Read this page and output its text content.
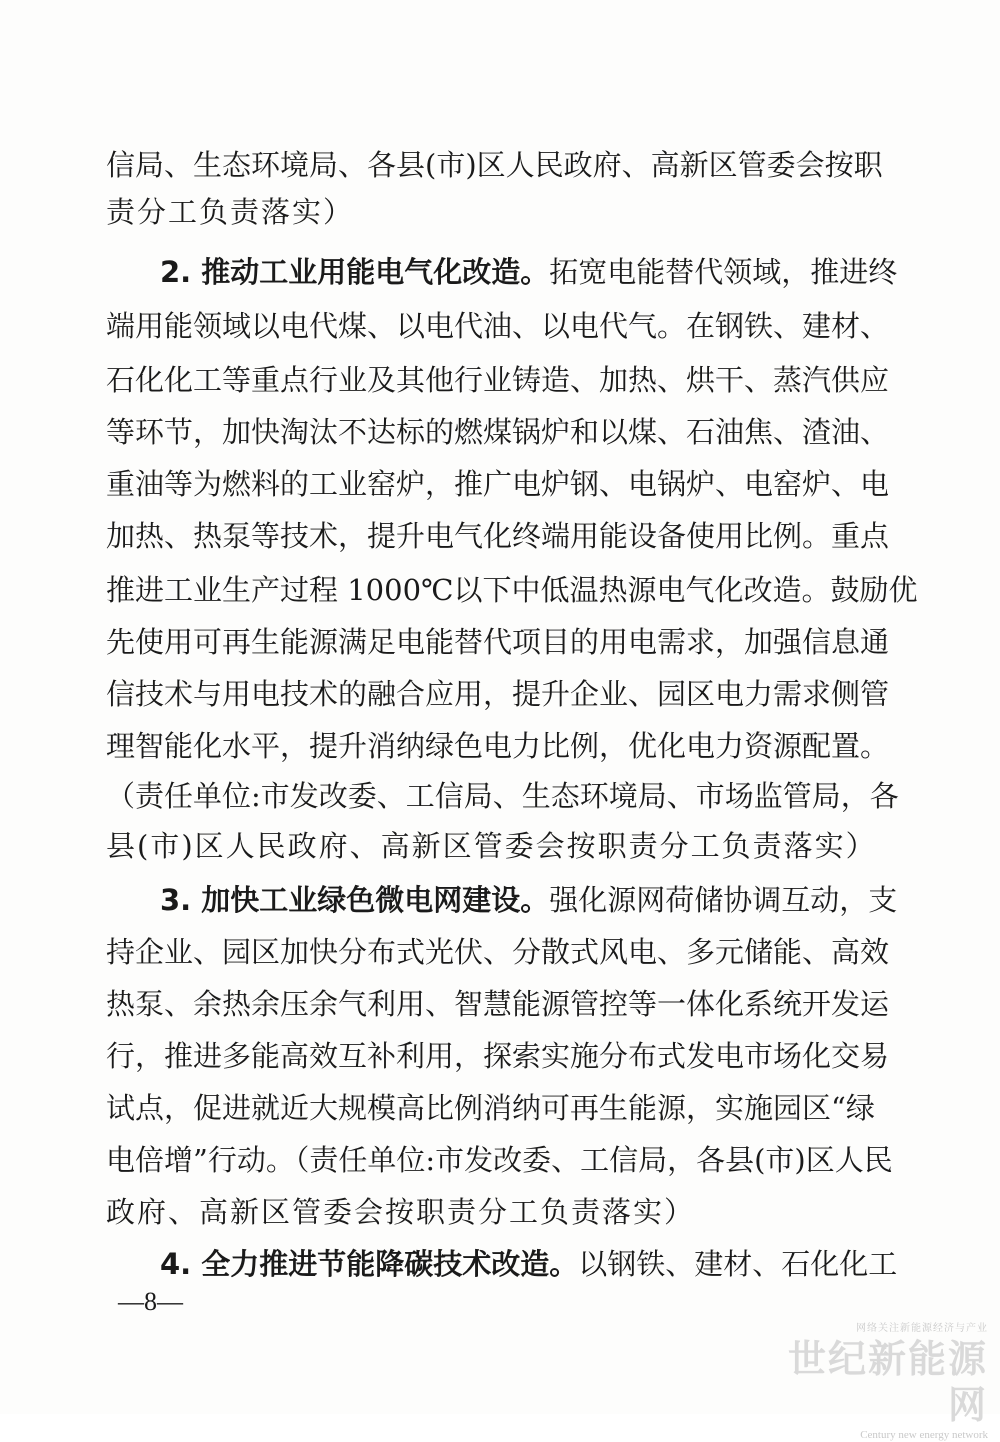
信局、生态环境局、各县(市)区人民政府、高新区管委会按职
责分工负责落实）
2. 推动工业用能电气化改造。拓宽电能替代领域，推进终
端用能领域以电代煤、以电代油、以电代气。在钢铁、建材、
石化化工等重点行业及其他行业铸造、加热、烘干、蒸汽供应
等环节，加快淘汰不达标的燃煤锅炉和以煤、石油焦、渣油、
重油等为燃料的工业窑炉，推广电炉钢、电锅炉、电窑炉、电
加热、热泵等技术，提升电气化终端用能设备使用比例。重点
推进工业生产过程 1000℃以下中低温热源电气化改造。鼓励优
先使用可再生能源满足电能替代项目的用电需求，加强信息通
信技术与用电技术的融合应用，提升企业、园区电力需求侧管
理智能化水平，提升消纳绿色电力比例，优化电力资源配置。
（责任单位:市发改委、工信局、生态环境局、市场监管局，各
县(市)区人民政府、高新区管委会按职责分工负责落实）
3. 加快工业绿色微电网建设。强化源网荷储协调互动，支
持企业、园区加快分布式光伏、分散式风电、多元储能、高效
热泵、余热余压余气利用、智慧能源管控等一体化系统开发运
行，推进多能高效互补利用，探索实施分布式发电市场化交易
试点，促进就近大规模高比例消纳可再生能源，实施园区“绿
电倍增”行动。（责任单位:市发改委、工信局，各县(市)区人民
政府、高新区管委会按职责分工负责落实）
4. 全力推进节能降碳技术改造。以钢铁、建材、石化化工
—8—
网络关注新能源经济与产业
世纪新能源网
Century new energy network
